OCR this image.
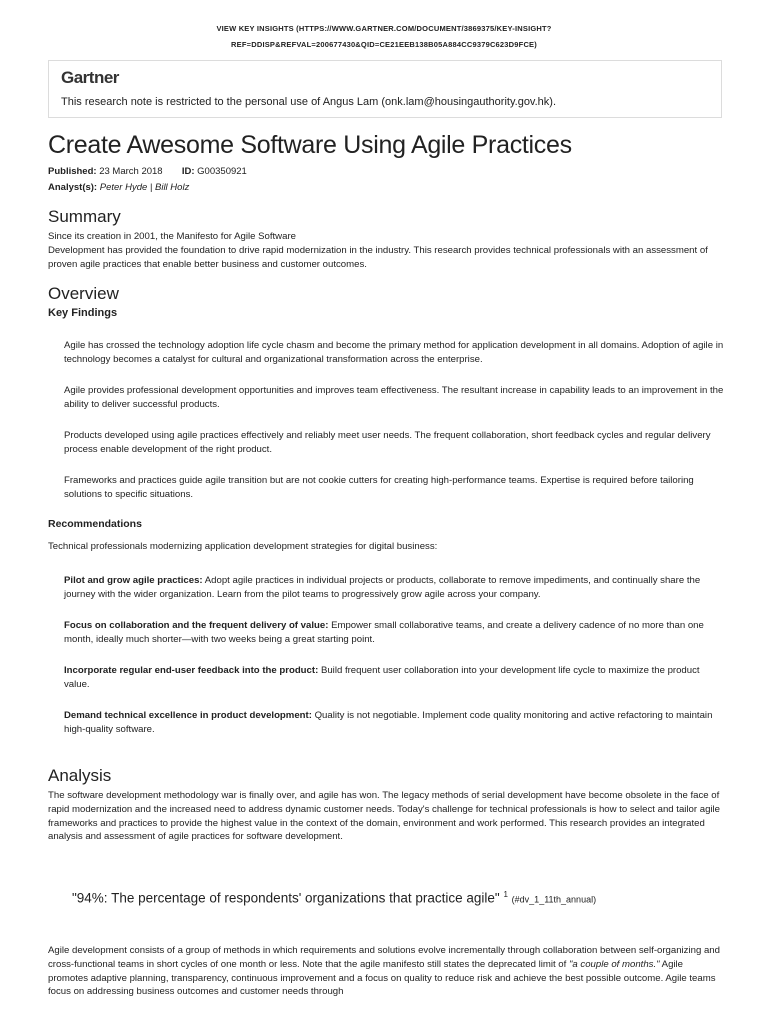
VIEW KEY INSIGHTS (HTTPS://WWW.GARTNER.COM/DOCUMENT/3869375/KEY-INSIGHT?
REF=DDISP&REFVAL=200677430&QID=CE21EEB138B05A884CC9379C623D9FCE)
Gartner
This research note is restricted to the personal use of Angus Lam (onk.lam@housingauthority.gov.hk).
Create Awesome Software Using Agile Practices
Published: 23 March 2018 ID: G00350921
Analyst(s): Peter Hyde | Bill Holz
Summary
Since its creation in 2001, the Manifesto for Agile Software
Development has provided the foundation to drive rapid modernization in the industry. This research provides technical professionals with an assessment of proven agile practices that enable better business and customer outcomes.
Overview
Key Findings
Agile has crossed the technology adoption life cycle chasm and become the primary method for application development in all domains. Adoption of agile in technology becomes a catalyst for cultural and organizational transformation across the enterprise.
Agile provides professional development opportunities and improves team effectiveness. The resultant increase in capability leads to an improvement in the ability to deliver successful products.
Products developed using agile practices effectively and reliably meet user needs. The frequent collaboration, short feedback cycles and regular delivery process enable development of the right product.
Frameworks and practices guide agile transition but are not cookie cutters for creating high-performance teams. Expertise is required before tailoring solutions to specific situations.
Recommendations
Technical professionals modernizing application development strategies for digital business:
Pilot and grow agile practices: Adopt agile practices in individual projects or products, collaborate to remove impediments, and continually share the journey with the wider organization. Learn from the pilot teams to progressively grow agile across your company.
Focus on collaboration and the frequent delivery of value: Empower small collaborative teams, and create a delivery cadence of no more than one month, ideally much shorter—with two weeks being a great starting point.
Incorporate regular end-user feedback into the product: Build frequent user collaboration into your development life cycle to maximize the product value.
Demand technical excellence in product development: Quality is not negotiable. Implement code quality monitoring and active refactoring to maintain high-quality software.
Analysis
The software development methodology war is finally over, and agile has won. The legacy methods of serial development have become obsolete in the face of rapid modernization and the increased need to address dynamic customer needs. Today's challenge for technical professionals is how to select and tailor agile frameworks and practices to provide the highest value in the context of the domain, environment and work performed. This research provides an integrated analysis and assessment of agile practices for software development.
"94%: The percentage of respondents' organizations that practice agile" $^1$ (#dv_1_11th_annual)
Agile development consists of a group of methods in which requirements and solutions evolve incrementally through collaboration between self-organizing and cross-functional teams in short cycles of one month or less. Note that the agile manifesto still states the deprecated limit of "a couple of months." Agile promotes adaptive planning, transparency, continuous improvement and a focus on quality to reduce risk and achieve the best possible outcome. Agile teams focus on addressing business outcomes and customer needs through
